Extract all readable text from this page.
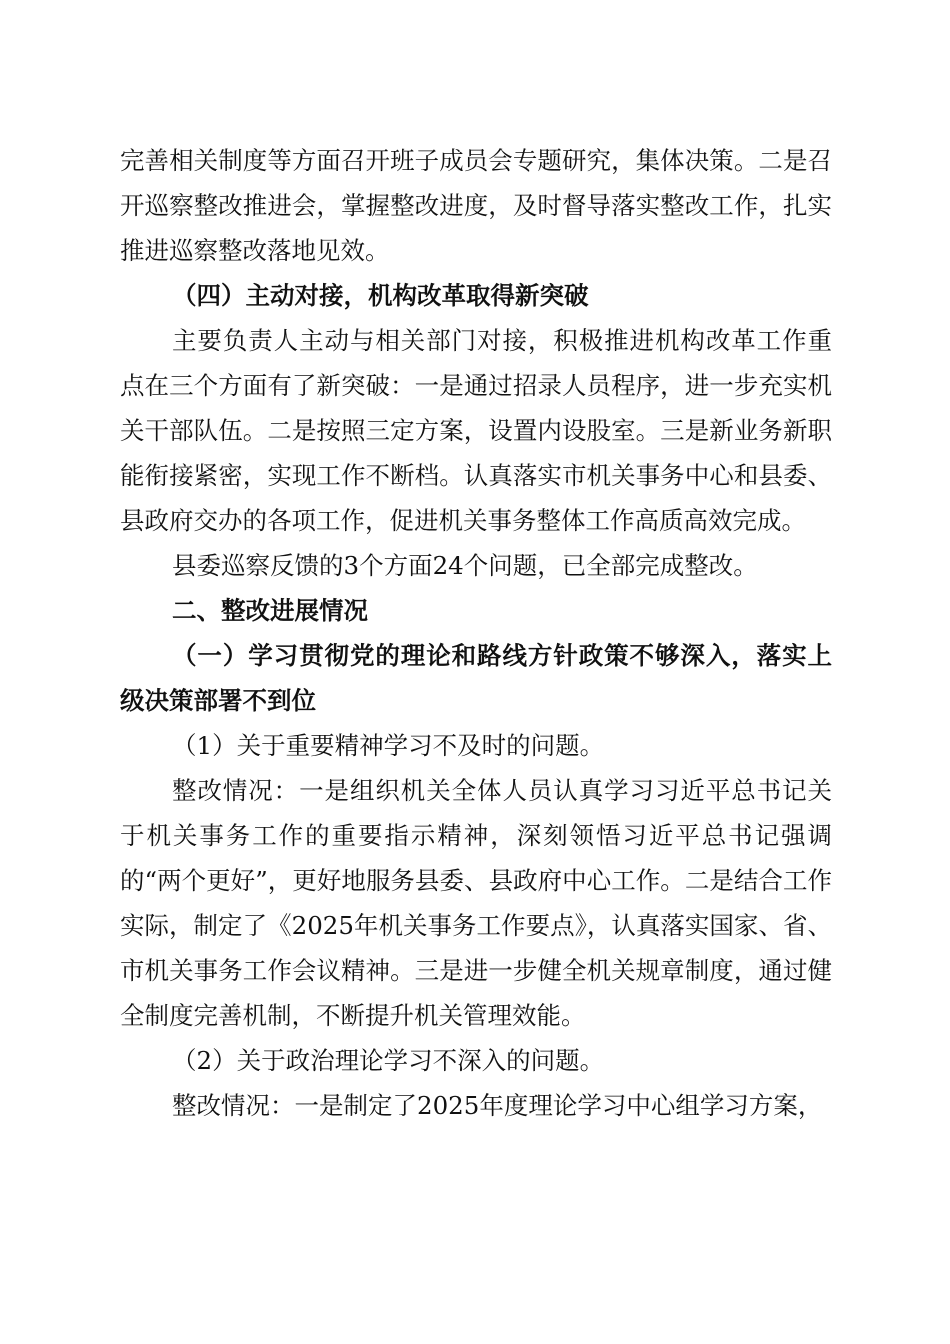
完善相关制度等方面召开班子成员会专题研究，集体决策。二是召开巡察整改推进会，掌握整改进度，及时督导落实整改工作，扎实推进巡察整改落地见效。

（四）主动对接，机构改革取得新突破

主要负责人主动与相关部门对接，积极推进机构改革工作重点在三个方面有了新突破：一是通过招录人员程序，进一步充实机关干部队伍。二是按照三定方案，设置内设股室。三是新业务新职能衔接紧密，实现工作不断档。认真落实市机关事务中心和县委、县政府交办的各项工作，促进机关事务整体工作高质高效完成。

县委巡察反馈的3个方面24个问题，已全部完成整改。

二、整改进展情况

（一）学习贯彻党的理论和路线方针政策不够深入，落实上级决策部署不到位

（1）关于重要精神学习不及时的问题。

整改情况：一是组织机关全体人员认真学习习近平总书记关于机关事务工作的重要指示精神，深刻领悟习近平总书记强调的“两个更好”，更好地服务县委、县政府中心工作。二是结合工作实际，制定了《2025年机关事务工作要点》，认真落实国家、省、市机关事务工作会议精神。三是进一步健全机关规章制度，通过健全制度完善机制，不断提升机关管理效能。

（2）关于政治理论学习不深入的问题。

整改情况：一是制定了2025年度理论学习中心组学习方案，
